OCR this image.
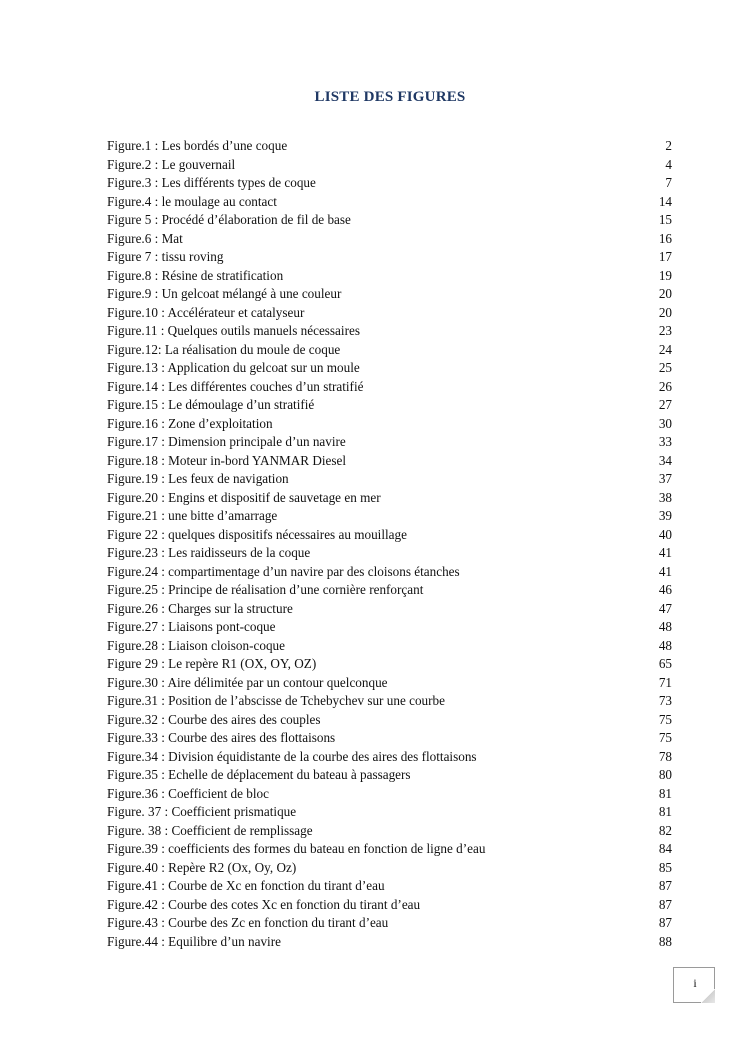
LISTE DES FIGURES
Figure.1 : Les bordés d’une coque	2
Figure.2 : Le gouvernail	4
Figure.3 : Les différents types de coque	7
Figure.4 : le moulage au contact	14
Figure 5 : Procédé d’élaboration de fil de base	15
Figure.6 : Mat	16
Figure 7 : tissu roving	17
Figure.8 : Résine de stratification	19
Figure.9 : Un gelcoat mélangé à une couleur	20
Figure.10 : Accélérateur et catalyseur	20
Figure.11 : Quelques outils manuels nécessaires	23
Figure.12: La réalisation du moule de coque	24
Figure.13 : Application du gelcoat sur un moule	25
Figure.14 : Les différentes couches d’un stratifié	26
Figure.15 : Le démoulage d’un stratifié	27
Figure.16 : Zone d’exploitation	30
Figure.17 : Dimension principale d’un navire	33
Figure.18 : Moteur in-bord YANMAR Diesel	34
Figure.19 : Les feux de navigation	37
Figure.20 : Engins et dispositif de sauvetage en mer	38
Figure.21 : une bitte d’amarrage	39
Figure 22 : quelques dispositifs nécessaires au mouillage	40
Figure.23 : Les raidisseurs de la coque	41
Figure.24 : compartimentage d’un navire par des cloisons étanches	41
Figure.25 : Principe de réalisation d’une cornière renforçant	46
Figure.26 : Charges sur la structure	47
Figure.27 : Liaisons pont-coque	48
Figure.28 : Liaison cloison-coque	48
Figure 29 : Le repère R1 (OX, OY, OZ)	65
Figure.30 : Aire délimitée par un contour quelconque	71
Figure.31 : Position de l’abscisse de Tchebychev sur une courbe	73
Figure.32 : Courbe des aires des couples	75
Figure.33 : Courbe des aires des flottaisons	75
Figure.34 : Division équidistante de la courbe des aires des flottaisons	78
Figure.35 : Echelle de déplacement du bateau à passagers	80
Figure.36 : Coefficient de bloc	81
Figure. 37 : Coefficient prismatique	81
Figure. 38 : Coefficient de remplissage	82
Figure.39 : coefficients des formes du bateau en fonction de ligne d’eau	84
Figure.40 : Repère R2 (Ox, Oy, Oz)	85
Figure.41 : Courbe de Xc en fonction du tirant d’eau	87
Figure.42 : Courbe des cotes Xc en fonction du tirant d’eau	87
Figure.43 : Courbe des Zc en fonction du tirant d’eau	87
Figure.44 : Equilibre d’un navire	88
i
